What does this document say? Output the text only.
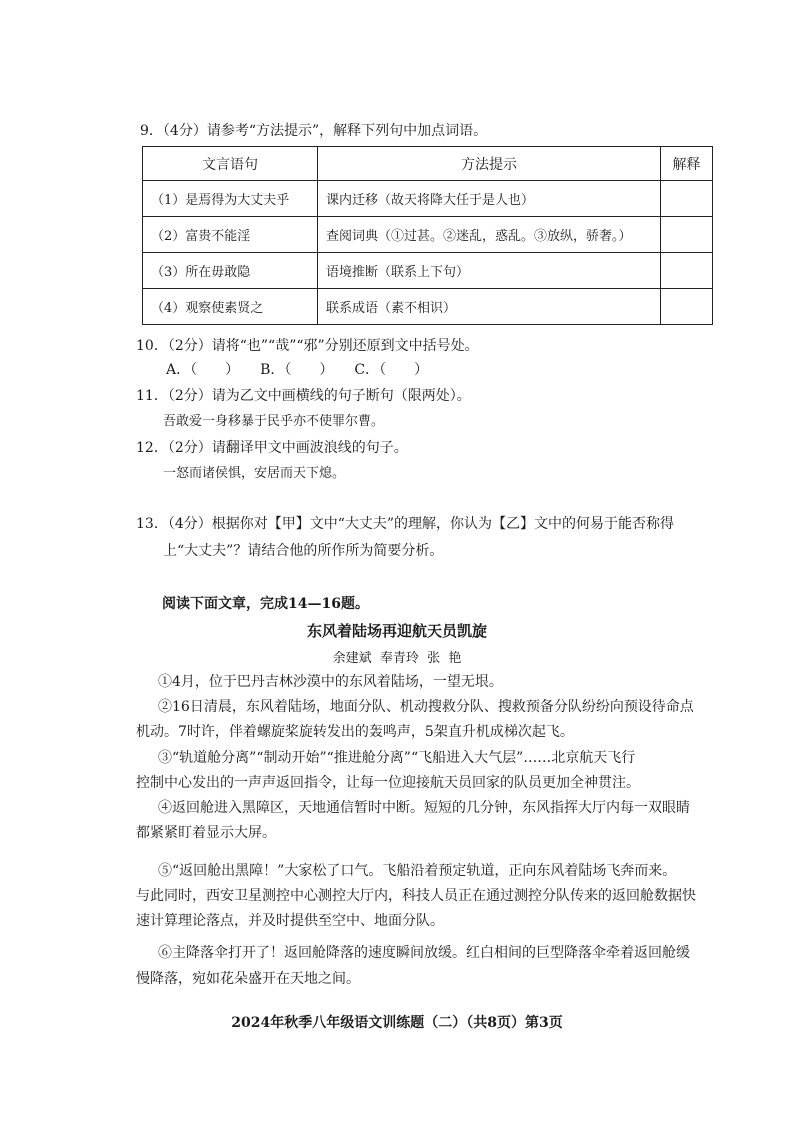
9．（4分）请参考“方法提示”，解释下列句中加点词语。
文言语句	方法提示	解释
（1）是焉得为大丈夫乎	课内迁移（故天将降大任于是人也）	
（2）富贵不能淫	查阅词典（①过甚。②迷乱，惑乱。③放纵，骄奢。）	
（3）所在毋敢隐	语境推断（联系上下句）	
（4）观察使素贤之	联系成语（素不相识）	
10．（2分）请将“也”“哉”“邪”分别还原到文中括号处。
A．（　　）　　B．（　　）　　C．（　　）
11．（2分）请为乙文中画横线的句子断句（限两处）。
吾敢爱一身移暴于民乎亦不使罪尔曹。
12．（2分）请翻译甲文中画波浪线的句子。
一怒而诸侯惧，安居而天下熄。
13．（4分）根据你对【甲】文中“大丈夫”的理解，你认为【乙】文中的何易于能否称得
上“大丈夫”？请结合他的所作所为简要分析。
阅读下面文章，完成14—16题。
东风着陆场再迎航天员凯旋
余建斌  奉青玲  张  艳
①4月，位于巴丹吉林沙漠中的东风着陆场，一望无垠。
②16日清晨，东风着陆场，地面分队、机动搜救分队、搜救预备分队纷纷向预设待命点
机动。7时许，伴着螺旋桨旋转发出的轰鸣声，5架直升机成梯次起飞。
③“轨道舱分离”“制动开始”“推进舱分离”“飞船进入大气层”……北京航天飞行
控制中心发出的一声声返回指令，让每一位迎接航天员回家的队员更加全神贯注。
④返回舱进入黑障区，天地通信暂时中断。短短的几分钟，东风指挥大厅内每一双眼睛
都紧紧盯着显示大屏。
⑤“返回舱出黑障！”大家松了口气。飞船沿着预定轨道，正向东风着陆场飞奔而来。
与此同时，西安卫星测控中心测控大厅内，科技人员正在通过测控分队传来的返回舱数据快
速计算理论落点，并及时提供至空中、地面分队。
⑥主降落伞打开了！返回舱降落的速度瞬间放缓。红白相间的巨型降落伞牵着返回舱缓
慢降落，宛如花朵盛开在天地之间。
2024年秋季八年级语文训练题（二）（共8页）第3页
